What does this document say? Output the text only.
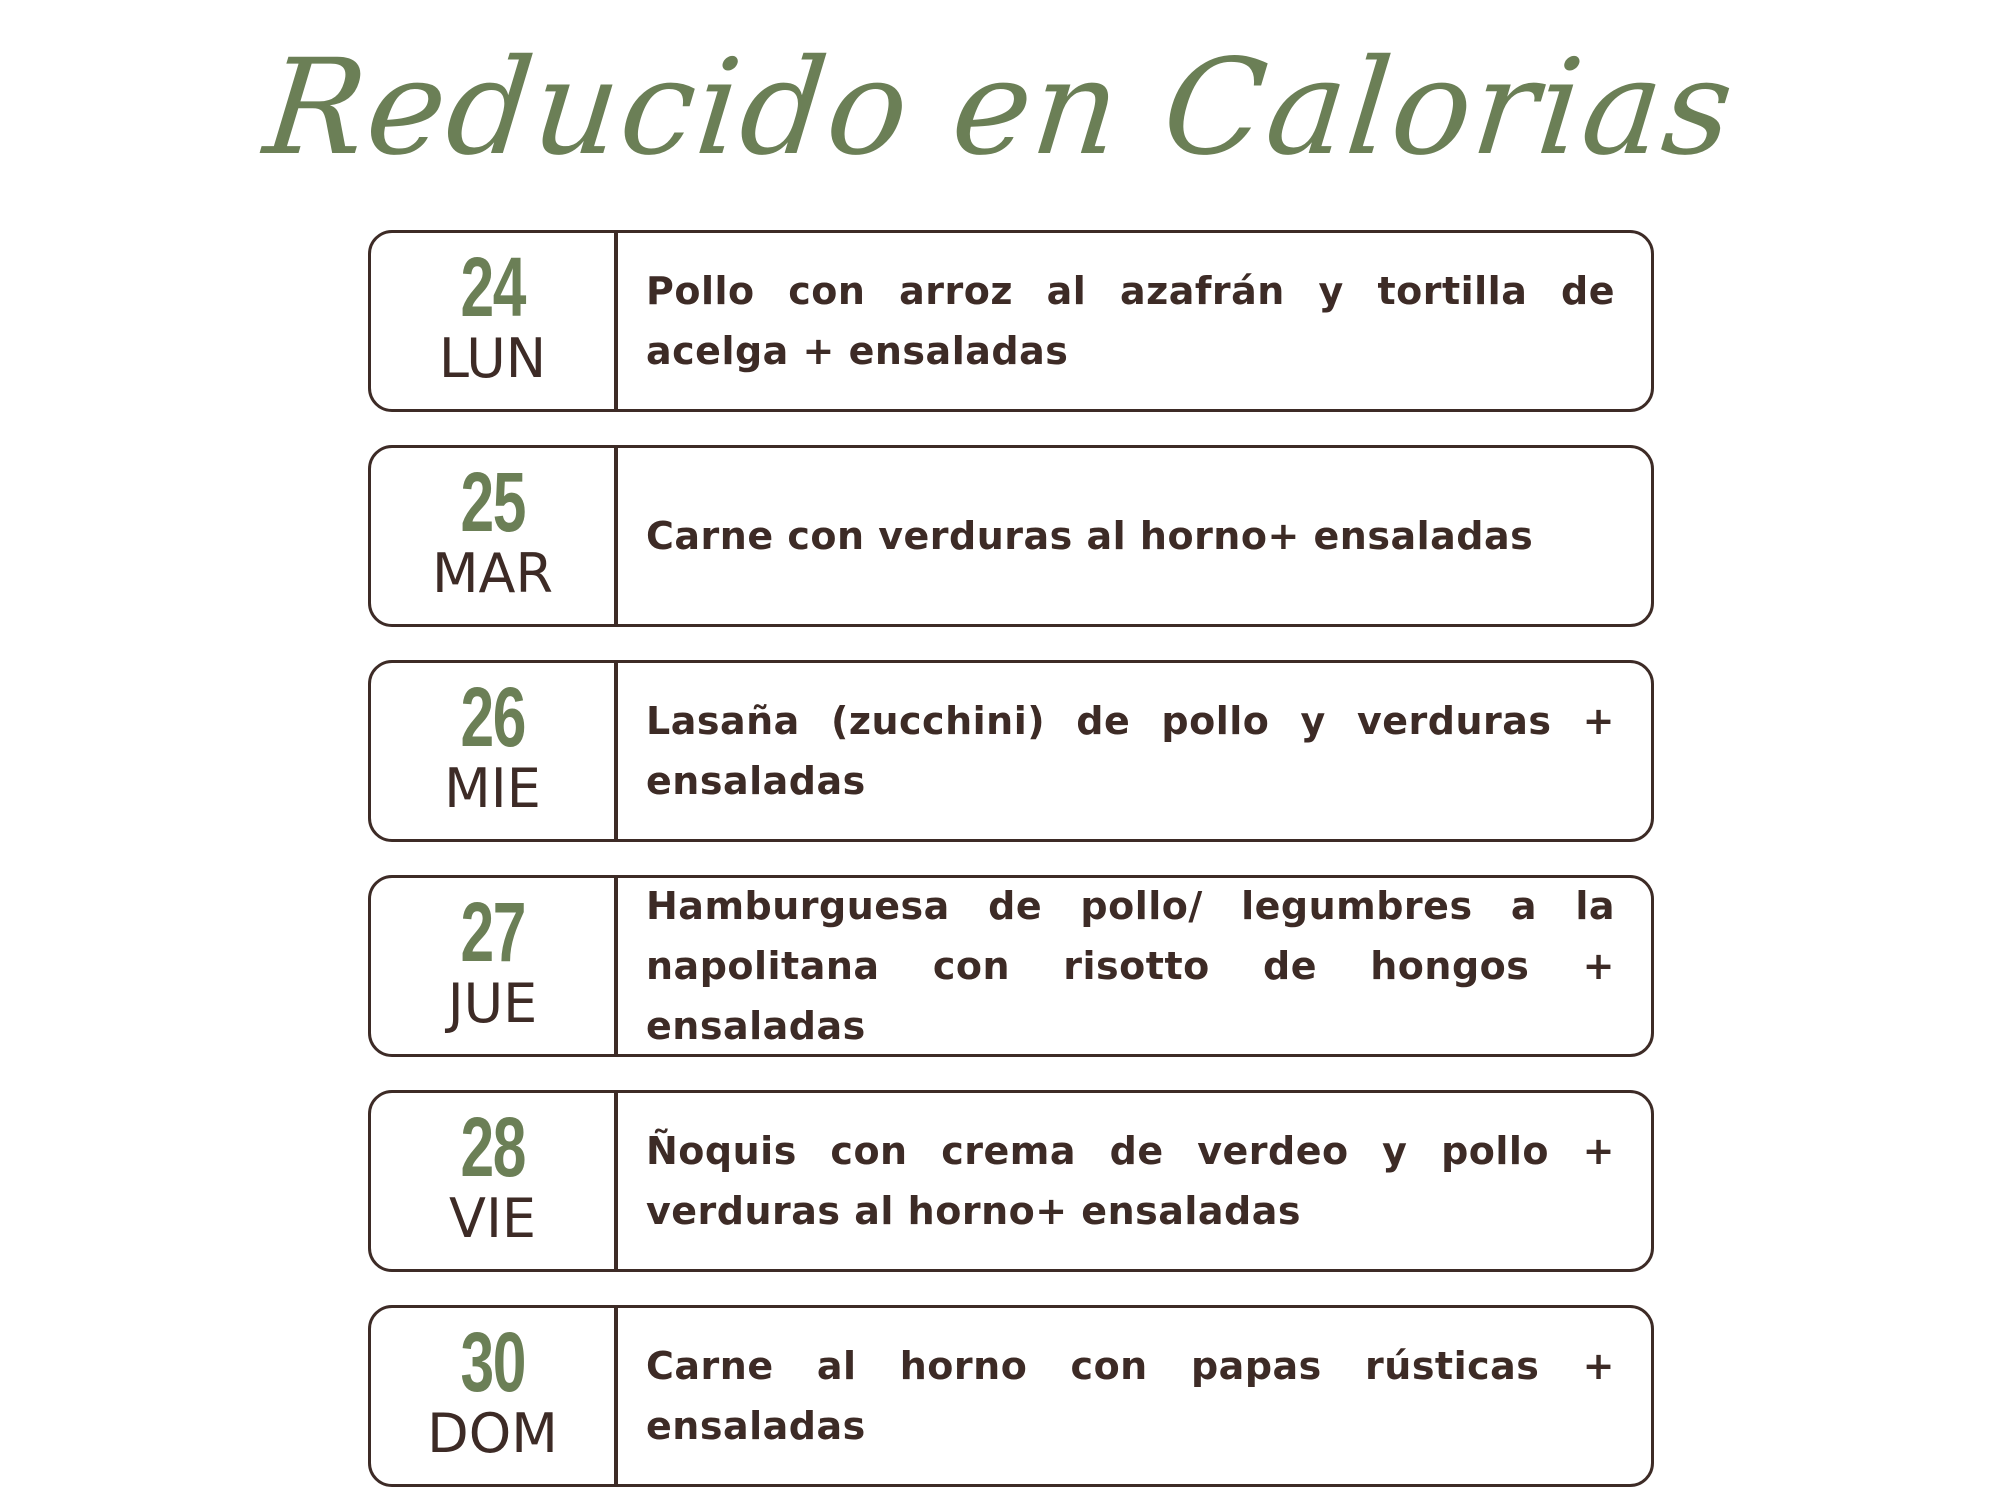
Reducido en Calorias
24
LUN
Pollo con arroz al azafrán y tortilla de acelga + ensaladas
25
MAR
Carne con verduras al horno+ ensaladas
26
MIE
Lasaña (zucchini) de pollo y verduras + ensaladas
27
JUE
Hamburguesa de pollo/ legumbres a la napolitana con risotto de hongos + ensaladas
28
VIE
Ñoquis con crema de verdeo y pollo + verduras al horno+ ensaladas
30
DOM
Carne al horno con papas rústicas + ensaladas
